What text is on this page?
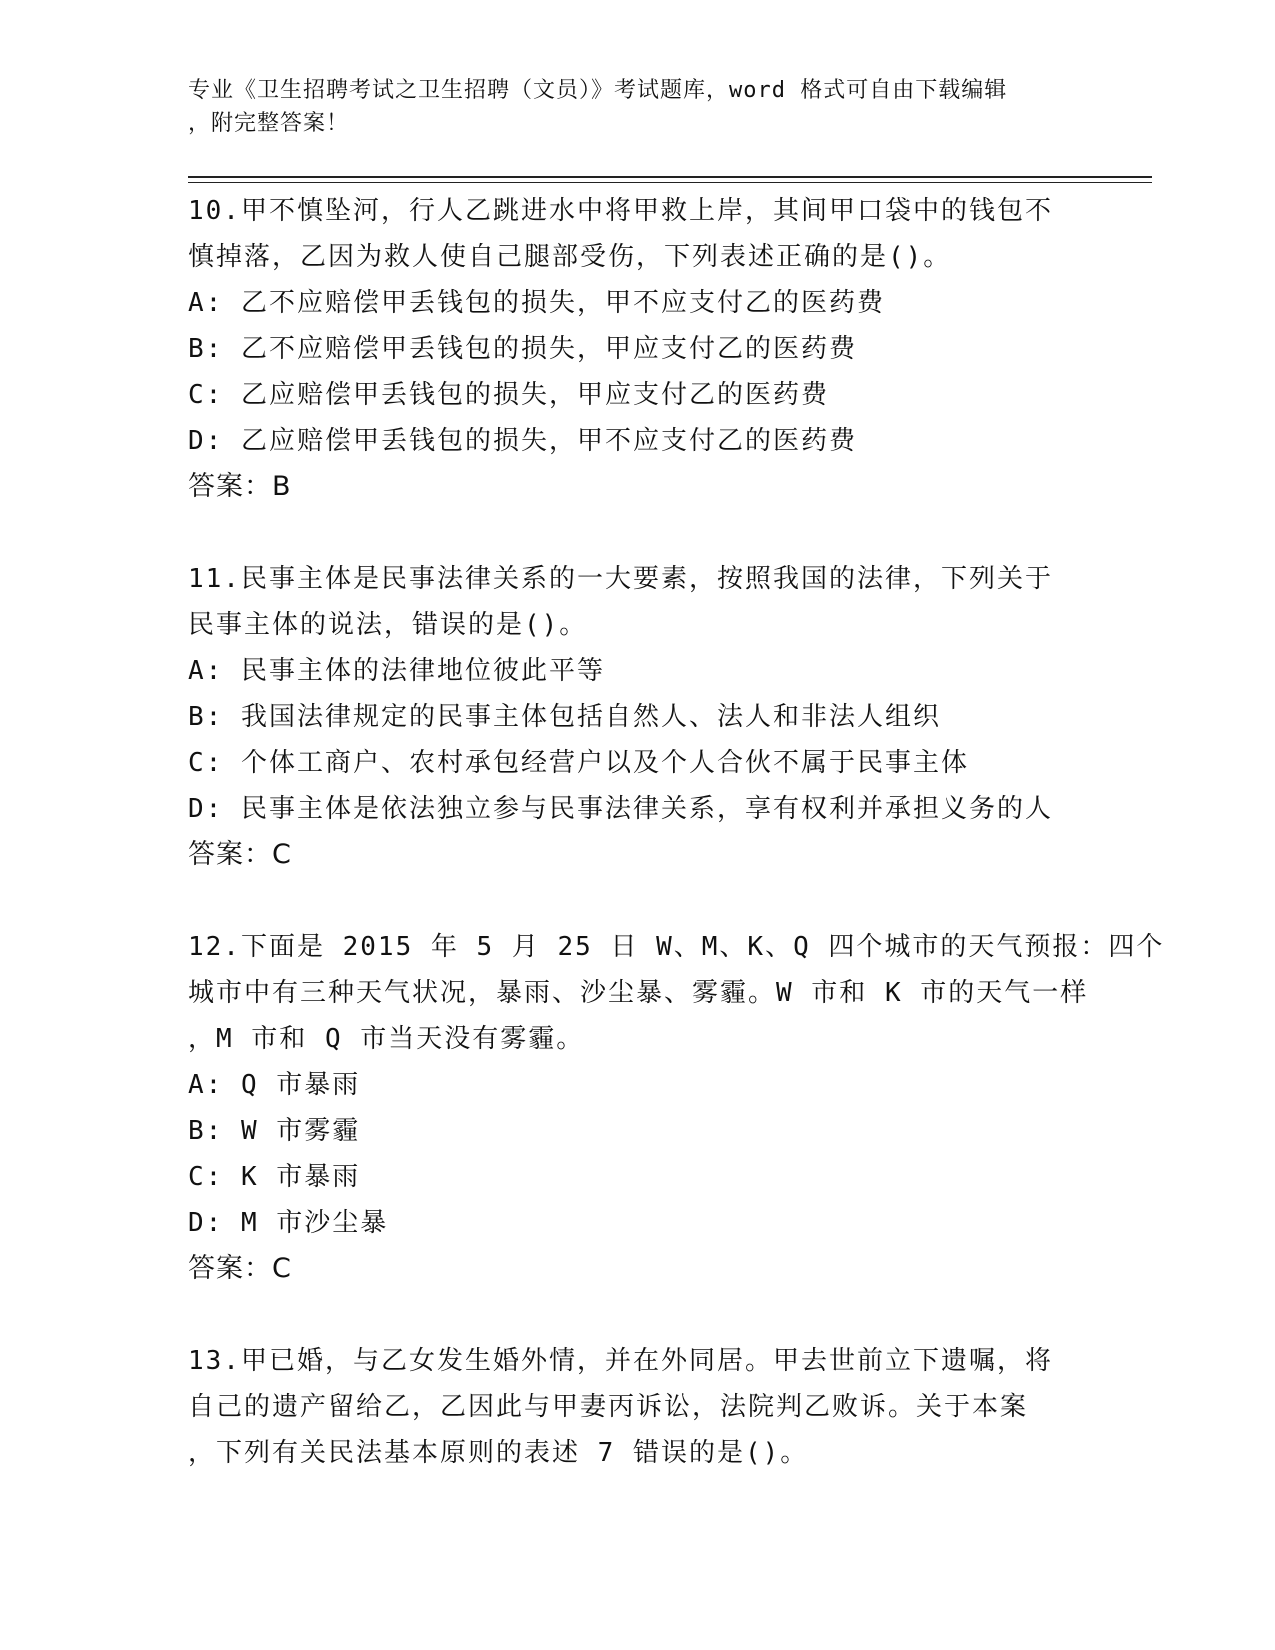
专业《卫生招聘考试之卫生招聘（文员）》考试题库，word 格式可自由下载编辑
，附完整答案！
10.甲不慎坠河，行人乙跳进水中将甲救上岸，其间甲口袋中的钱包不
慎掉落，乙因为救人使自己腿部受伤，下列表述正确的是()。
A: 乙不应赔偿甲丢钱包的损失，甲不应支付乙的医药费
B: 乙不应赔偿甲丢钱包的损失，甲应支付乙的医药费
C: 乙应赔偿甲丢钱包的损失，甲应支付乙的医药费
D: 乙应赔偿甲丢钱包的损失，甲不应支付乙的医药费
答案：B
11.民事主体是民事法律关系的一大要素，按照我国的法律，下列关于
民事主体的说法，错误的是()。
A: 民事主体的法律地位彼此平等
B: 我国法律规定的民事主体包括自然人、法人和非法人组织
C: 个体工商户、农村承包经营户以及个人合伙不属于民事主体
D: 民事主体是依法独立参与民事法律关系，享有权利并承担义务的人
答案：C
12.下面是 2015 年 5 月 25 日 W、M、K、Q 四个城市的天气预报：四个
城市中有三种天气状况，暴雨、沙尘暴、雾霾。W 市和 K 市的天气一样
，M 市和 Q 市当天没有雾霾。
A: Q 市暴雨
B: W 市雾霾
C: K 市暴雨
D: M 市沙尘暴
答案：C
13.甲已婚，与乙女发生婚外情，并在外同居。甲去世前立下遗嘱，将
自己的遗产留给乙，乙因此与甲妻丙诉讼，法院判乙败诉。关于本案
，下列有关民法基本原则的表述 7 错误的是()。
